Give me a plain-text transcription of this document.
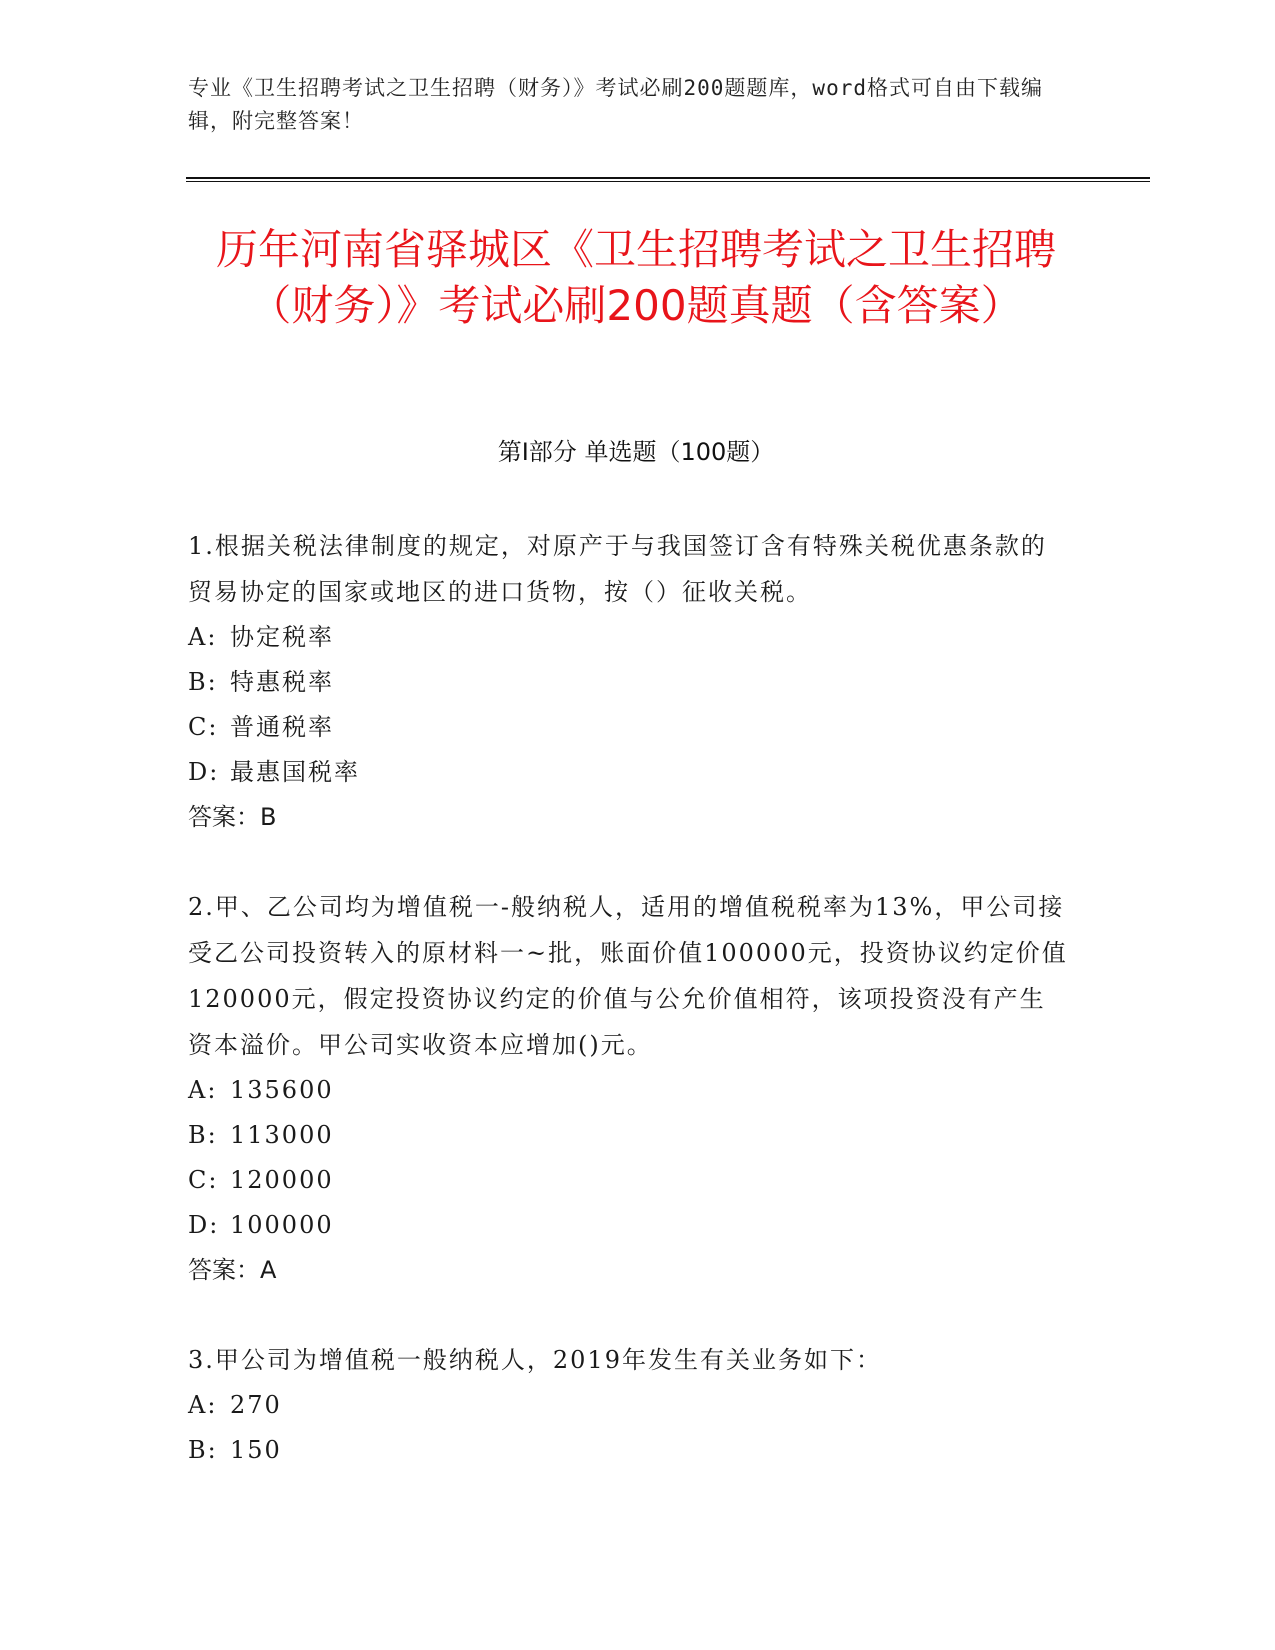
专业《卫生招聘考试之卫生招聘（财务）》考试必刷200题题库，word格式可自由下载编辑，附完整答案！
历年河南省驿城区《卫生招聘考试之卫生招聘（财务）》考试必刷200题真题（含答案）
第I部分 单选题（100题）

1.根据关税法律制度的规定，对原产于与我国签订含有特殊关税优惠条款的贸易协定的国家或地区的进口货物，按（）征收关税。

A: 协定税率
B: 特惠税率
C: 普通税率
D: 最惠国税率

答案：B

2.甲、乙公司均为增值税一-般纳税人，适用的增值税税率为13%，甲公司接受乙公司投资转入的原材料一~批，账面价值100000元，投资协议约定价值120000元，假定投资协议约定的价值与公允价值相符，该项投资没有产生资本溢价。甲公司实收资本应增加()元。

A: 135600
B: 113000
C: 120000
D: 100000

答案：A

3.甲公司为增值税一般纳税人，2019年发生有关业务如下：

A: 270
B: 150
